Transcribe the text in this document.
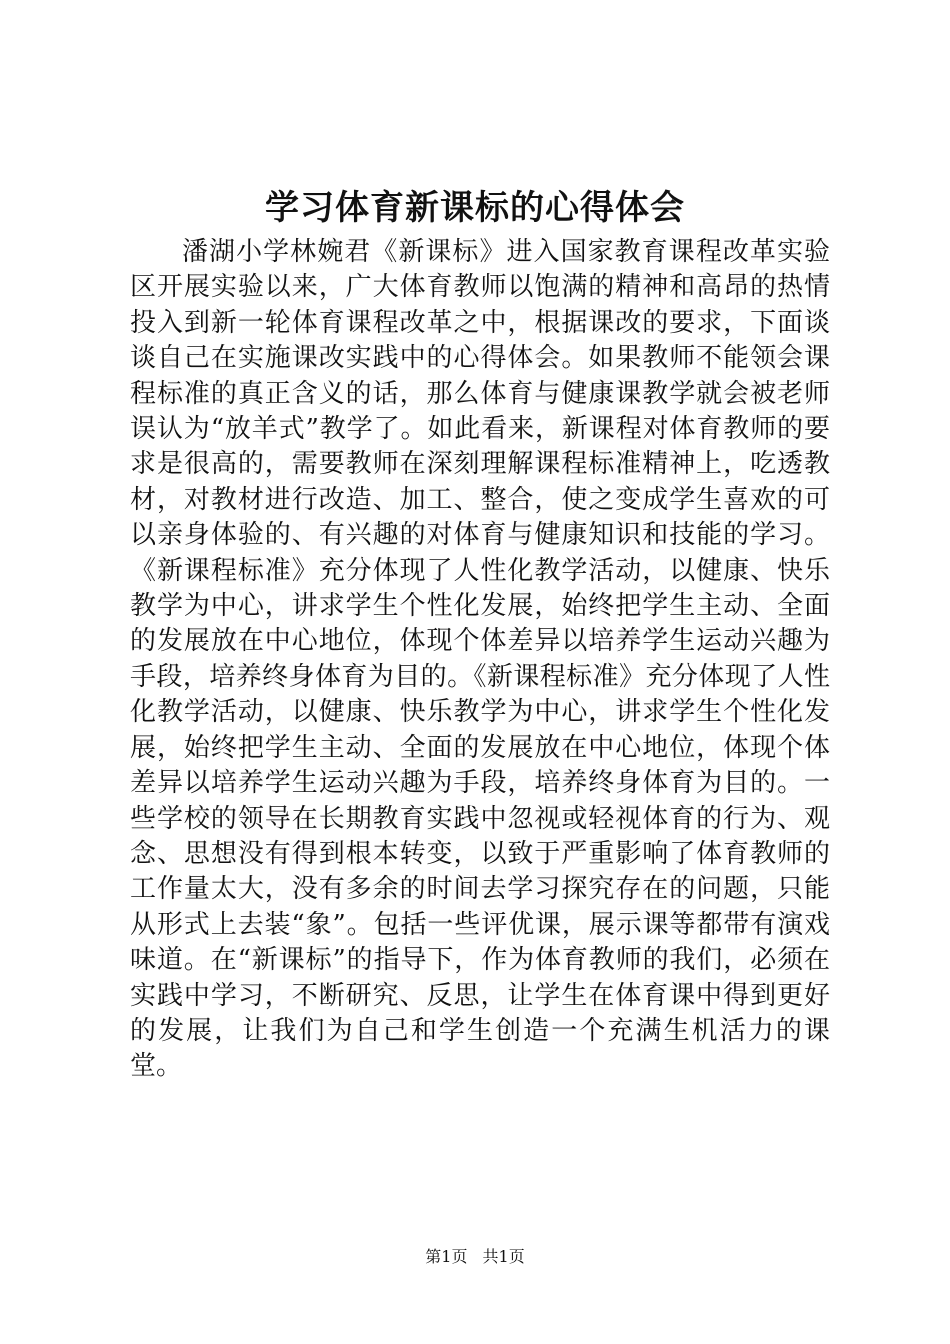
学习体育新课标的心得体会

潘湖小学林婉君《新课标》进入国家教育课程改革实验区开展实验以来，广大体育教师以饱满的精神和高昂的热情投入到新一轮体育课程改革之中，根据课改的要求，下面谈谈自己在实施课改实践中的心得体会。如果教师不能领会课程标准的真正含义的话，那么体育与健康课教学就会被老师误认为“放羊式”教学了。如此看来，新课程对体育教师的要求是很高的，需要教师在深刻理解课程标准精神上，吃透教材，对教材进行改造、加工、整合，使之变成学生喜欢的可以亲身体验的、有兴趣的对体育与健康知识和技能的学习。《新课程标准》充分体现了人性化教学活动，以健康、快乐教学为中心，讲求学生个性化发展，始终把学生主动、全面的发展放在中心地位，体现个体差异以培养学生运动兴趣为手段，培养终身体育为目的。《新课程标准》充分体现了人性化教学活动，以健康、快乐教学为中心，讲求学生个性化发展，始终把学生主动、全面的发展放在中心地位，体现个体差异以培养学生运动兴趣为手段，培养终身体育为目的。一些学校的领导在长期教育实践中忽视或轻视体育的行为、观念、思想没有得到根本转变，以致于严重影响了体育教师的工作量太大，没有多余的时间去学习探究存在的问题，只能从形式上去装“象”。包括一些评优课，展示课等都带有演戏味道。在“新课标”的指导下，作为体育教师的我们，必须在实践中学习，不断研究、反思，让学生在体育课中得到更好的发展，让我们为自己和学生创造一个充满生机活力的课堂。

第1页 共1页
